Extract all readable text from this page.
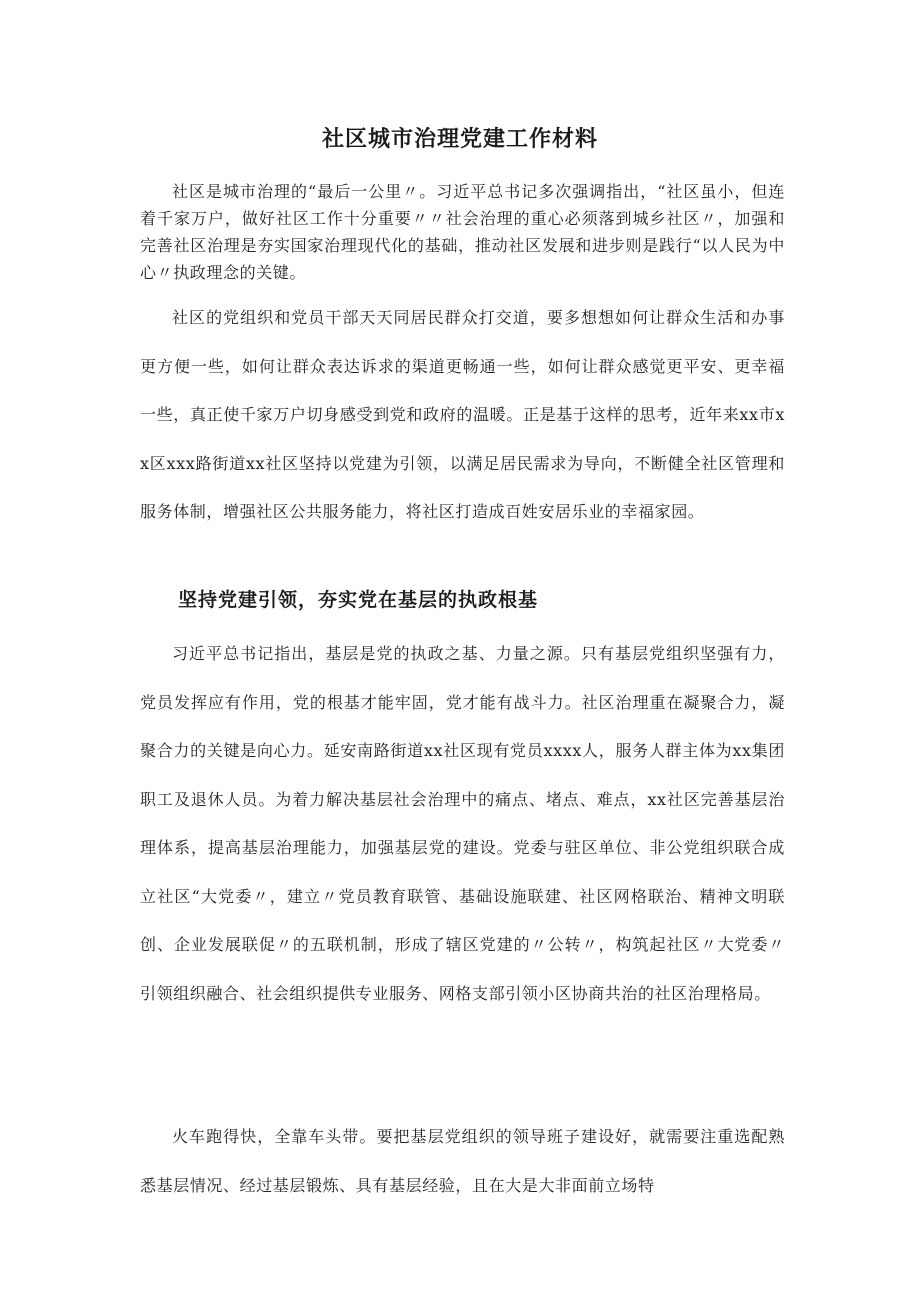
社区城市治理党建工作材料

社区是城市治理的“最后一公里〃。习近平总书记多次强调指出，“社区虽小，但连着千家万户，做好社区工作十分重要〃〃社会治理的重心必须落到城乡社区〃，加强和完善社区治理是夯实国家治理现代化的基础，推动社区发展和进步则是践行“以人民为中心〃执政理念的关键。

社区的党组织和党员干部天天同居民群众打交道，要多想想如何让群众生活和办事更方便一些，如何让群众表达诉求的渠道更畅通一些，如何让群众感觉更平安、更幸福一些，真正使千家万户切身感受到党和政府的温暖。正是基于这样的思考，近年来xx市xx区xxx路街道xx社区坚持以党建为引领，以满足居民需求为导向，不断健全社区管理和服务体制，增强社区公共服务能力，将社区打造成百姓安居乐业的幸福家园。

坚持党建引领，夯实党在基层的执政根基

习近平总书记指出，基层是党的执政之基、力量之源。只有基层党组织坚强有力，党员发挥应有作用，党的根基才能牢固，党才能有战斗力。社区治理重在凝聚合力，凝聚合力的关键是向心力。延安南路街道xx社区现有党员xxxx人，服务人群主体为xx集团职工及退休人员。为着力解决基层社会治理中的痛点、堵点、难点，xx社区完善基层治理体系，提高基层治理能力，加强基层党的建设。党委与驻区单位、非公党组织联合成立社区“大党委〃，建立〃党员教育联管、基础设施联建、社区网格联治、精神文明联创、企业发展联促〃的五联机制，形成了辖区党建的〃公转〃，构筑起社区〃大党委〃引领组织融合、社会组织提供专业服务、网格支部引领小区协商共治的社区治理格局。

火车跑得快，全靠车头带。要把基层党组织的领导班子建设好，就需要注重选配熟悉基层情况、经过基层锻炼、具有基层经验，且在大是大非面前立场特
